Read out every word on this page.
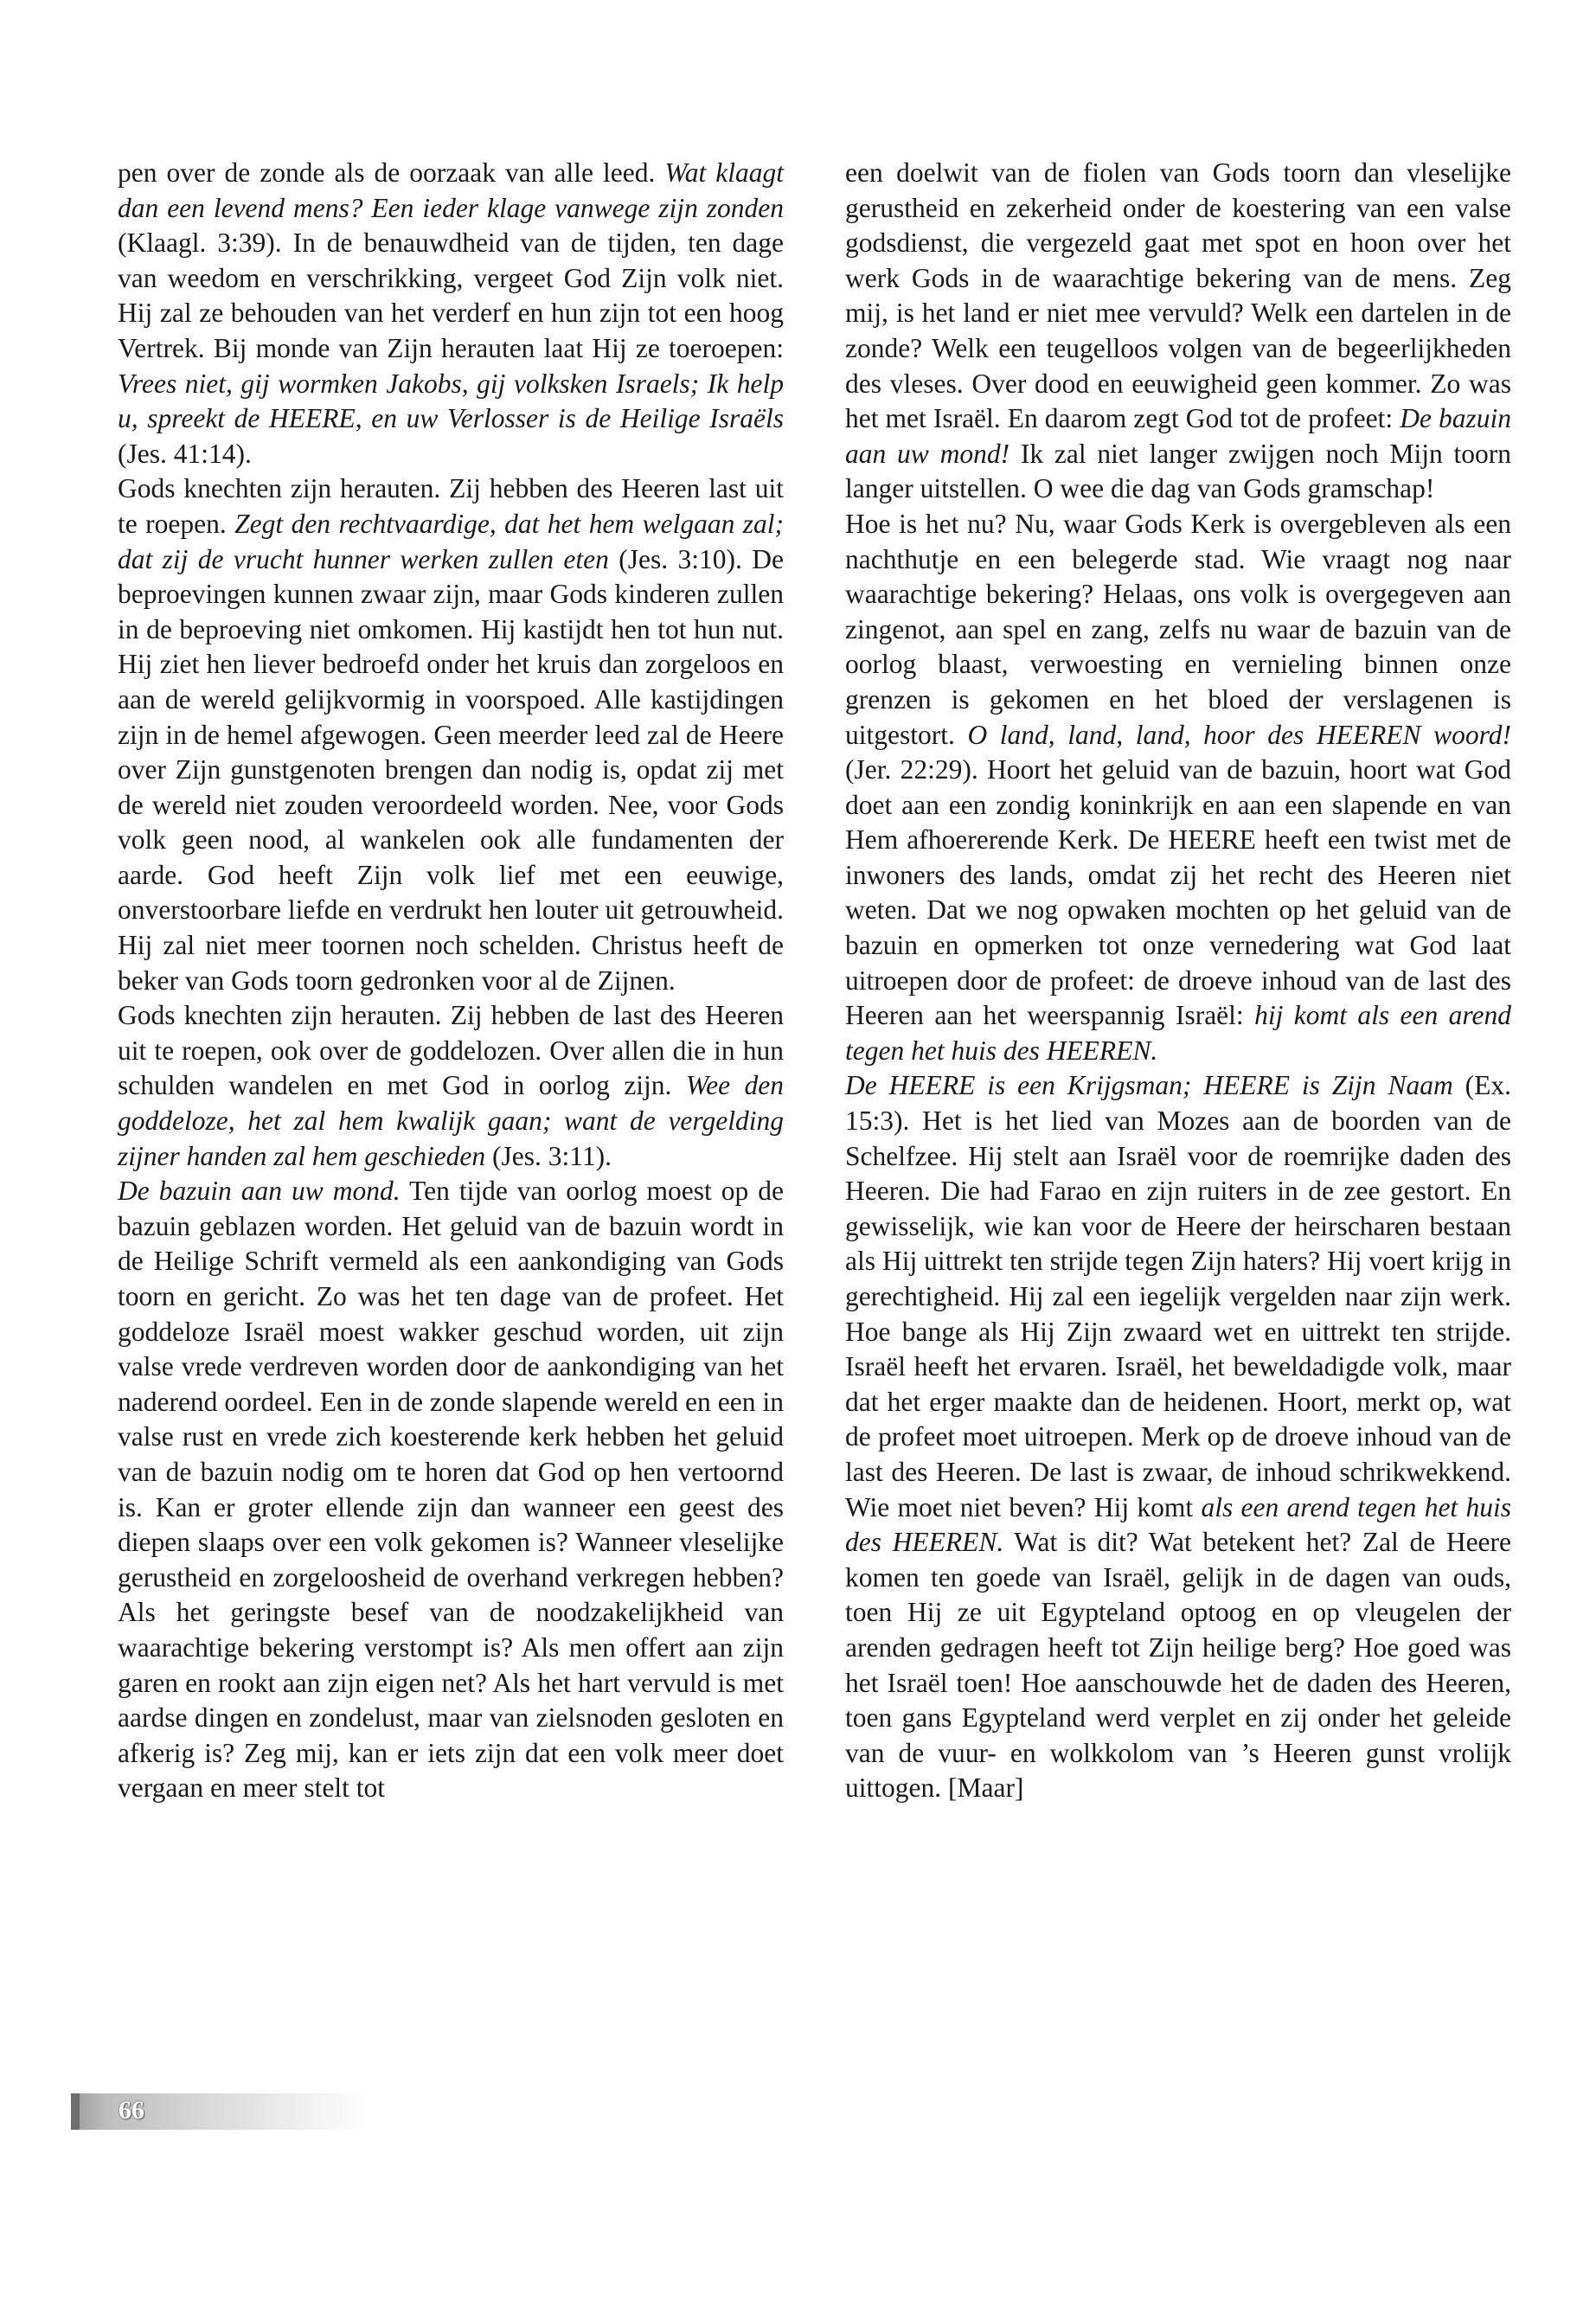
pen over de zonde als de oorzaak van alle leed. Wat klaagt dan een levend mens? Een ieder klage vanwege zijn zonden (Klaagl. 3:39). In de benauwdheid van de tijden, ten dage van weedom en verschrikking, vergeet God Zijn volk niet. Hij zal ze behouden van het verderf en hun zijn tot een hoog Vertrek. Bij monde van Zijn herauten laat Hij ze toeroepen: Vrees niet, gij wormken Jakobs, gij volksken Israels; Ik help u, spreekt de HEERE, en uw Verlosser is de Heilige Israëls (Jes. 41:14).

Gods knechten zijn herauten. Zij hebben des Heeren last uit te roepen. Zegt den rechtvaardige, dat het hem welgaan zal; dat zij de vrucht hunner werken zullen eten (Jes. 3:10). De beproevingen kunnen zwaar zijn, maar Gods kinderen zullen in de beproeving niet omkomen. Hij kastijdt hen tot hun nut. Hij ziet hen liever bedroefd onder het kruis dan zorgeloos en aan de wereld gelijkvormig in voorspoed. Alle kastijdingen zijn in de hemel afgewogen. Geen meerder leed zal de Heere over Zijn gunstgenoten brengen dan nodig is, opdat zij met de wereld niet zouden veroordeeld worden. Nee, voor Gods volk geen nood, al wankelen ook alle fundamenten der aarde. God heeft Zijn volk lief met een eeuwige, onverstoorbare liefde en verdrukt hen louter uit getrouwheid. Hij zal niet meer toornen noch schelden. Christus heeft de beker van Gods toorn gedronken voor al de Zijnen.

Gods knechten zijn herauten. Zij hebben de last des Heeren uit te roepen, ook over de goddelozen. Over allen die in hun schulden wandelen en met God in oorlog zijn. Wee den goddeloze, het zal hem kwalijk gaan; want de vergelding zijner handen zal hem geschieden (Jes. 3:11).

De bazuin aan uw mond. Ten tijde van oorlog moest op de bazuin geblazen worden. Het geluid van de bazuin wordt in de Heilige Schrift vermeld als een aankondiging van Gods toorn en gericht. Zo was het ten dage van de profeet. Het goddeloze Israël moest wakker geschud worden, uit zijn valse vrede verdreven worden door de aankondiging van het naderend oordeel. Een in de zonde slapende wereld en een in valse rust en vrede zich koesterende kerk hebben het geluid van de bazuin nodig om te horen dat God op hen vertoornd is. Kan er groter ellende zijn dan wanneer een geest des diepen slaaps over een volk gekomen is? Wanneer vleselijke gerustheid en zorgeloosheid de overhand verkregen hebben? Als het geringste besef van de noodzakelijkheid van waarachtige bekering verstompt is? Als men offert aan zijn garen en rookt aan zijn eigen net? Als het hart vervuld is met aardse dingen en zondelust, maar van zielsnoden gesloten en afkerig is? Zeg mij, kan er iets zijn dat een volk meer doet vergaan en meer stelt tot

een doelwit van de fiolen van Gods toorn dan vleselijke gerustheid en zekerheid onder de koestering van een valse godsdienst, die vergezeld gaat met spot en hoon over het werk Gods in de waarachtige bekering van de mens. Zeg mij, is het land er niet mee vervuld? Welk een dartelen in de zonde? Welk een teugelloos volgen van de begeerlijkheden des vleses. Over dood en eeuwigheid geen kommer. Zo was het met Israël. En daarom zegt God tot de profeet: De bazuin aan uw mond! Ik zal niet langer zwijgen noch Mijn toorn langer uitstellen. O wee die dag van Gods gramschap!

Hoe is het nu? Nu, waar Gods Kerk is overgebleven als een nachthutje en een belegerde stad. Wie vraagt nog naar waarachtige bekering? Helaas, ons volk is overgegeven aan zingenot, aan spel en zang, zelfs nu waar de bazuin van de oorlog blaast, verwoesting en vernieling binnen onze grenzen is gekomen en het bloed der verslagenen is uitgestort. O land, land, land, hoor des HEEREN woord! (Jer. 22:29). Hoort het geluid van de bazuin, hoort wat God doet aan een zondig koninkrijk en aan een slapende en van Hem afhoererende Kerk. De HEERE heeft een twist met de inwoners des lands, omdat zij het recht des Heeren niet weten. Dat we nog opwaken mochten op het geluid van de bazuin en opmerken tot onze vernedering wat God laat uitroepen door de profeet: de droeve inhoud van de last des Heeren aan het weerspannig Israël: hij komt als een arend tegen het huis des HEEREN.

De HEERE is een Krijgsman; HEERE is Zijn Naam (Ex. 15:3). Het is het lied van Mozes aan de boorden van de Schelfzee. Hij stelt aan Israël voor de roemrijke daden des Heeren. Die had Farao en zijn ruiters in de zee gestort. En gewisselijk, wie kan voor de Heere der heirscharen bestaan als Hij uittrekt ten strijde tegen Zijn haters? Hij voert krijg in gerechtigheid. Hij zal een iegelijk vergelden naar zijn werk. Hoe bange als Hij Zijn zwaard wet en uittrekt ten strijde. Israël heeft het ervaren. Israël, het beweldadigde volk, maar dat het erger maakte dan de heidenen. Hoort, merkt op, wat de profeet moet uitroepen. Merk op de droeve inhoud van de last des Heeren. De last is zwaar, de inhoud schrikwekkend. Wie moet niet beven? Hij komt als een arend tegen het huis des HEEREN. Wat is dit? Wat betekent het? Zal de Heere komen ten goede van Israël, gelijk in de dagen van ouds, toen Hij ze uit Egypteland optoog en op vleugelen der arenden gedragen heeft tot Zijn heilige berg? Hoe goed was het Israël toen! Hoe aanschouwde het de daden des Heeren, toen gans Egypteland werd verplet en zij onder het geleide van de vuur- en wolkkolom van ’s Heeren gunst vrolijk uittogen. [Maar]

66
